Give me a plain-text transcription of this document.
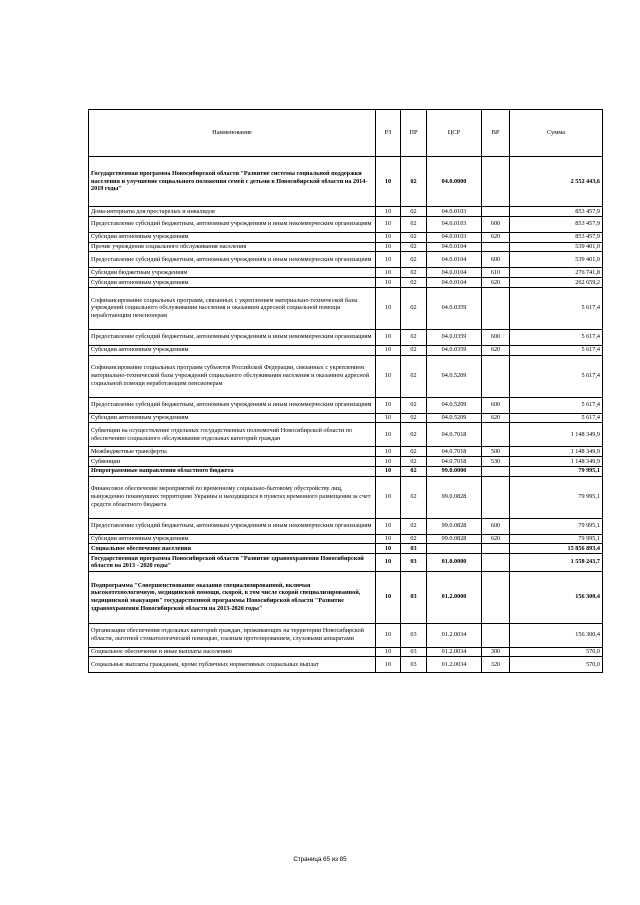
Наименование	РЗ	ПР	ЦСР	ВР	Сумма
Государственная программа Новосибирской области "Развитие системы социальной поддержки населения и улучшение социального положения семей с детьми в Новосибирской области на 2014-2019 годы"	10	02	04.0.0000		2 552 443,6
Дома-интернаты для престарелых и инвалидов	10	02	04.0.0103		853 457,9
Предоставление субсидий бюджетным, автономным учреждениям и иным некоммерческим организациям	10	02	04.0.0103	600	853 457,9
Субсидии автономным учреждениям	10	02	04.0.0103	620	853 457,9
Прочие учреждения социального обслуживания населения	10	02	04.0.0104		539 401,0
Предоставление субсидий бюджетным, автономным учреждениям и иным некоммерческим организациям	10	02	04.0.0104	600	539 401,0
Субсидии бюджетным учреждениям	10	02	04.0.0104	610	276 741,8
Субсидии автономным учреждениям	10	02	04.0.0104	620	262 659,2
Софинансирование социальных программ, связанных с укреплением материально-технической базы учреждений социального обслуживания населения и оказанием адресной социальной помощи неработающим пенсионерам	10	02	04.0.0359		5 617,4
Предоставление субсидий бюджетным, автономным учреждениям и иным некоммерческим организациям	10	02	04.0.0359	600	5 617,4
Субсидии автономным учреждениям	10	02	04.0.0359	620	5 617,4
Софинансирование социальных программ субъектов Российской Федерации, связанных с укреплением материально-технической базы учреждений социального обслуживания населения и оказанием адресной социальной помощи неработающим пенсионерам	10	02	04.0.5209		5 617,4
Предоставление субсидий бюджетным, автономным учреждениям и иным некоммерческим организациям	10	02	04.0.5209	600	5 617,4
Субсидии автономным учреждениям	10	02	04.0.5209	620	5 617,4
Субвенции на осуществление отдельных государственных полномочий Новосибирской области по обеспечению социального обслуживания отдельных категорий граждан	10	02	04.0.7018		1 148 349,9
Межбюджетные трансферты	10	02	04.0.7018	500	1 148 349,9
Субвенции	10	02	04.0.7018	530	1 148 349,9
Непрограммные направления областного бюджета	10	02	99.0.0000		79 995,1
Финансовое обеспечение мероприятий по временному социально-бытовому обустройству лиц, вынужденно покинувших территорию Украины и находящихся в пунктах временного размещения за счет средств областного бюджета	10	02	99.0.0828		79 995,1
Предоставление субсидий бюджетным, автономным учреждениям и иным некоммерческим организациям	10	02	99.0.0828	600	79 995,1
Субсидии автономным учреждениям	10	02	99.0.0828	620	79 995,1
Социальное обеспечение населения	10	03			15 856 893,4
Государственная программа Новосибирской области "Развитие здравоохранения Новосибирской области на 2013 - 2020 годы"	10	03	01.0.0000		1 558 243,7
Подпрограмма "Совершенствование оказания специализированной, включая высокотехнологичную, медицинской помощи, скорой, в том числе скорой специализированной, медицинской эвакуации" государственной программы Новосибирской области "Развитие здравоохранения Новосибирской области на 2013-2020 годы"	10	03	01.2.0000		156 300,4
Организация обеспечения отдельных категорий граждан, проживающих на территории Новосибирской области, льготной стоматологической помощью, глазным протезированием, слуховыми аппаратами	10	03	01.2.0034		156 300,4
Социальное обеспечение и иные выплаты населению	10	03	01.2.0034	300	570,0
Социальные выплаты гражданам, кроме публичных нормативных социальных выплат	10	03	01.2.0034	320	570,0
Страница 65 из 85
